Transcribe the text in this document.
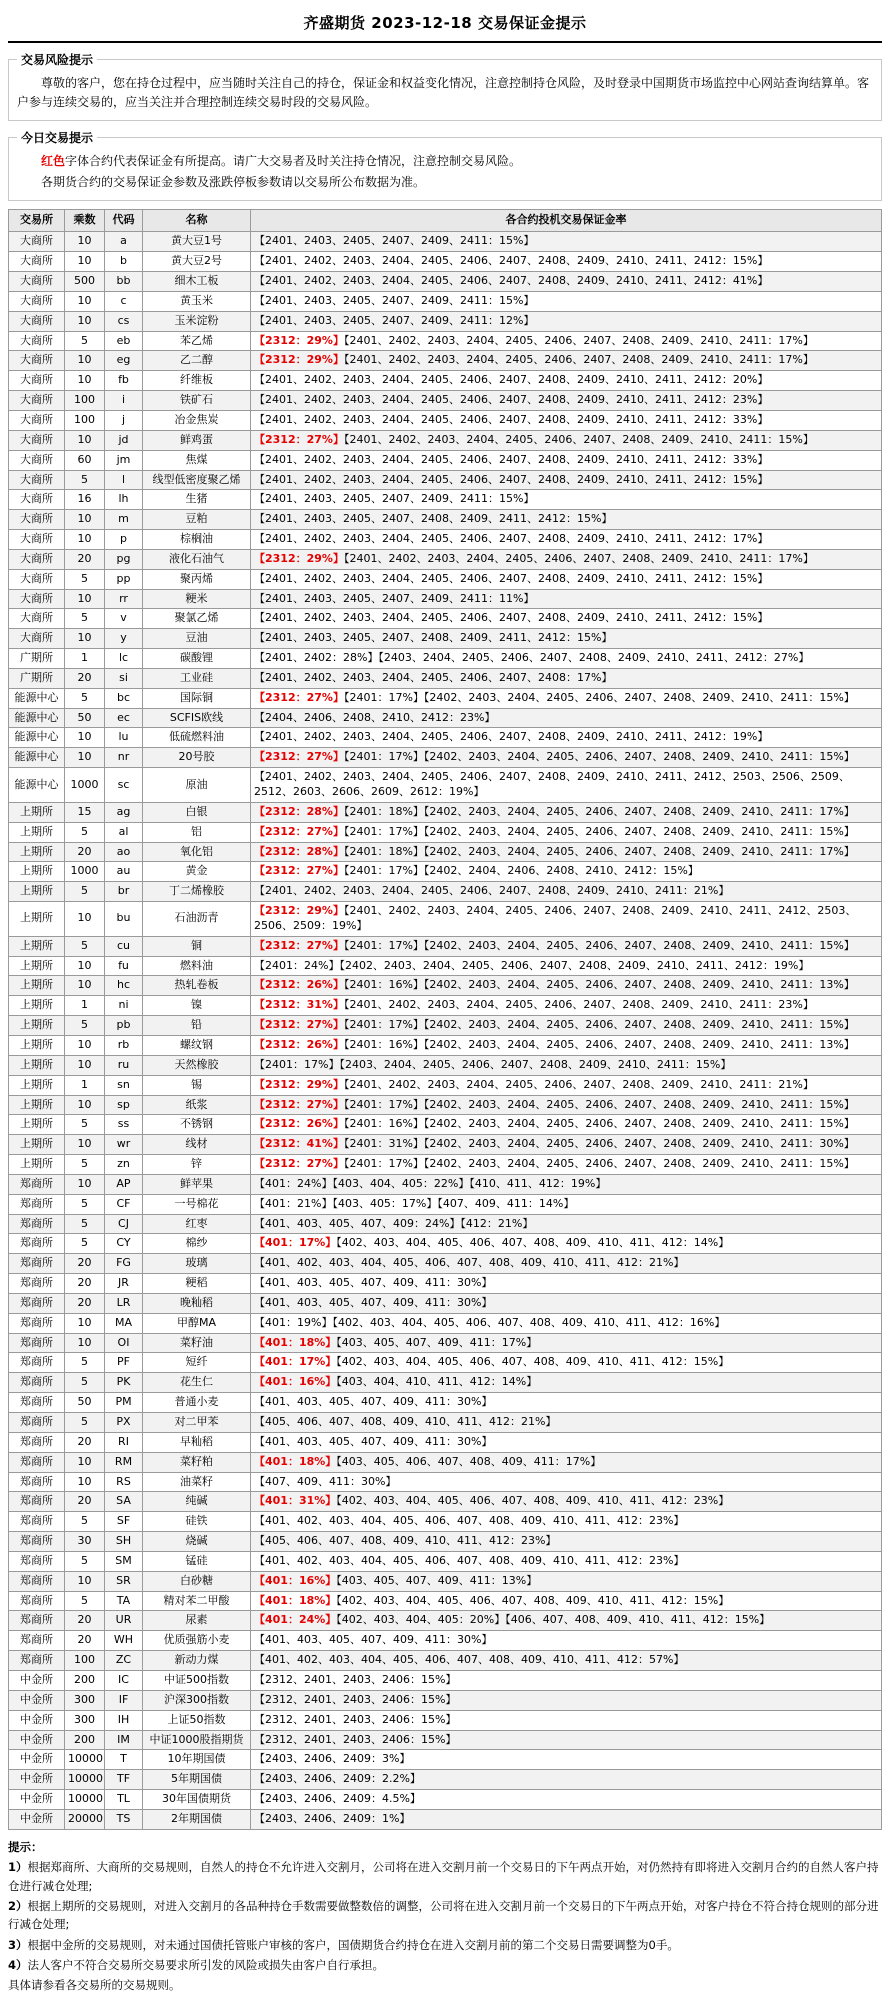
齐盛期货 2023-12-18 交易保证金提示
交易风险提示

尊敬的客户，您在持仓过程中，应当随时关注自己的持仓，保证金和权益变化情况，注意控制持仓风险，及时登录中国期货市场监控中心网站查询结算单。客户参与连续交易的，应当关注并合理控制连续交易时段的交易风险。

今日交易提示

红色字体合约代表保证金有所提高。请广大交易者及时关注持仓情况，注意控制交易风险。

各期货合约的交易保证金参数及涨跌停板参数请以交易所公布数据为准。

交易所	乘数	代码	名称	各合约投机交易保证金率
大商所	10	a	黄大豆1号	【2401、2403、2405、2407、2409、2411：15%】
大商所	10	b	黄大豆2号	【2401、2402、2403、2404、2405、2406、2407、2408、2409、2410、2411、2412：15%】
大商所	500	bb	细木工板	【2401、2402、2403、2404、2405、2406、2407、2408、2409、2410、2411、2412：41%】
大商所	10	c	黄玉米	【2401、2403、2405、2407、2409、2411：15%】
大商所	10	cs	玉米淀粉	【2401、2403、2405、2407、2409、2411：12%】
大商所	5	eb	苯乙烯	【2312：29%】【2401、2402、2403、2404、2405、2406、2407、2408、2409、2410、2411：17%】
大商所	10	eg	乙二醇	【2312：29%】【2401、2402、2403、2404、2405、2406、2407、2408、2409、2410、2411：17%】
大商所	10	fb	纤维板	【2401、2402、2403、2404、2405、2406、2407、2408、2409、2410、2411、2412：20%】
大商所	100	i	铁矿石	【2401、2402、2403、2404、2405、2406、2407、2408、2409、2410、2411、2412：23%】
大商所	100	j	冶金焦炭	【2401、2402、2403、2404、2405、2406、2407、2408、2409、2410、2411、2412：33%】
大商所	10	jd	鲜鸡蛋	【2312：27%】【2401、2402、2403、2404、2405、2406、2407、2408、2409、2410、2411：15%】
大商所	60	jm	焦煤	【2401、2402、2403、2404、2405、2406、2407、2408、2409、2410、2411、2412：33%】
大商所	5	l	线型低密度聚乙烯	【2401、2402、2403、2404、2405、2406、2407、2408、2409、2410、2411、2412：15%】
大商所	16	lh	生猪	【2401、2403、2405、2407、2409、2411：15%】
大商所	10	m	豆粕	【2401、2403、2405、2407、2408、2409、2411、2412：15%】
大商所	10	p	棕榈油	【2401、2402、2403、2404、2405、2406、2407、2408、2409、2410、2411、2412：17%】
大商所	20	pg	液化石油气	【2312：29%】【2401、2402、2403、2404、2405、2406、2407、2408、2409、2410、2411：17%】
大商所	5	pp	聚丙烯	【2401、2402、2403、2404、2405、2406、2407、2408、2409、2410、2411、2412：15%】
大商所	10	rr	粳米	【2401、2403、2405、2407、2409、2411：11%】
大商所	5	v	聚氯乙烯	【2401、2402、2403、2404、2405、2406、2407、2408、2409、2410、2411、2412：15%】
大商所	10	y	豆油	【2401、2403、2405、2407、2408、2409、2411、2412：15%】
广期所	1	lc	碳酸锂	【2401、2402：28%】【2403、2404、2405、2406、2407、2408、2409、2410、2411、2412：27%】
广期所	20	si	工业硅	【2401、2402、2403、2404、2405、2406、2407、2408：17%】
能源中心	5	bc	国际铜	【2312：27%】【2401：17%】【2402、2403、2404、2405、2406、2407、2408、2409、2410、2411：15%】
能源中心	50	ec	SCFIS欧线	【2404、2406、2408、2410、2412：23%】
能源中心	10	lu	低硫燃料油	【2401、2402、2403、2404、2405、2406、2407、2408、2409、2410、2411、2412：19%】
能源中心	10	nr	20号胶	【2312：27%】【2401：17%】【2402、2403、2404、2405、2406、2407、2408、2409、2410、2411：15%】
能源中心	1000	sc	原油	【2401、2402、2403、2404、2405、2406、2407、2408、2409、2410、2411、2412、2503、2506、2509、2512、2603、2606、2609、2612：19%】
上期所	15	ag	白银	【2312：28%】【2401：18%】【2402、2403、2404、2405、2406、2407、2408、2409、2410、2411：17%】
上期所	5	al	铝	【2312：27%】【2401：17%】【2402、2403、2404、2405、2406、2407、2408、2409、2410、2411：15%】
上期所	20	ao	氧化铝	【2312：28%】【2401：18%】【2402、2403、2404、2405、2406、2407、2408、2409、2410、2411：17%】
上期所	1000	au	黄金	【2312：27%】【2401：17%】【2402、2404、2406、2408、2410、2412：15%】
上期所	5	br	丁二烯橡胶	【2401、2402、2403、2404、2405、2406、2407、2408、2409、2410、2411：21%】
上期所	10	bu	石油沥青	【2312：29%】【2401、2402、2403、2404、2405、2406、2407、2408、2409、2410、2411、2412、2503、2506、2509：19%】
上期所	5	cu	铜	【2312：27%】【2401：17%】【2402、2403、2404、2405、2406、2407、2408、2409、2410、2411：15%】
上期所	10	fu	燃料油	【2401：24%】【2402、2403、2404、2405、2406、2407、2408、2409、2410、2411、2412：19%】
上期所	10	hc	热轧卷板	【2312：26%】【2401：16%】【2402、2403、2404、2405、2406、2407、2408、2409、2410、2411：13%】
上期所	1	ni	镍	【2312：31%】【2401、2402、2403、2404、2405、2406、2407、2408、2409、2410、2411：23%】
上期所	5	pb	铅	【2312：27%】【2401：17%】【2402、2403、2404、2405、2406、2407、2408、2409、2410、2411：15%】
上期所	10	rb	螺纹钢	【2312：26%】【2401：16%】【2402、2403、2404、2405、2406、2407、2408、2409、2410、2411：13%】
上期所	10	ru	天然橡胶	【2401：17%】【2403、2404、2405、2406、2407、2408、2409、2410、2411：15%】
上期所	1	sn	锡	【2312：29%】【2401、2402、2403、2404、2405、2406、2407、2408、2409、2410、2411：21%】
上期所	10	sp	纸浆	【2312：27%】【2401：17%】【2402、2403、2404、2405、2406、2407、2408、2409、2410、2411：15%】
上期所	5	ss	不锈钢	【2312：26%】【2401：16%】【2402、2403、2404、2405、2406、2407、2408、2409、2410、2411：15%】
上期所	10	wr	线材	【2312：41%】【2401：31%】【2402、2403、2404、2405、2406、2407、2408、2409、2410、2411：30%】
上期所	5	zn	锌	【2312：27%】【2401：17%】【2402、2403、2404、2405、2406、2407、2408、2409、2410、2411：15%】
郑商所	10	AP	鲜苹果	【401：24%】【403、404、405：22%】【410、411、412：19%】
郑商所	5	CF	一号棉花	【401：21%】【403、405：17%】【407、409、411：14%】
郑商所	5	CJ	红枣	【401、403、405、407、409：24%】【412：21%】
郑商所	5	CY	棉纱	【401：17%】【402、403、404、405、406、407、408、409、410、411、412：14%】
郑商所	20	FG	玻璃	【401、402、403、404、405、406、407、408、409、410、411、412：21%】
郑商所	20	JR	粳稻	【401、403、405、407、409、411：30%】
郑商所	20	LR	晚籼稻	【401、403、405、407、409、411：30%】
郑商所	10	MA	甲醇MA	【401：19%】【402、403、404、405、406、407、408、409、410、411、412：16%】
郑商所	10	OI	菜籽油	【401：18%】【403、405、407、409、411：17%】
郑商所	5	PF	短纤	【401：17%】【402、403、404、405、406、407、408、409、410、411、412：15%】
郑商所	5	PK	花生仁	【401：16%】【403、404、410、411、412：14%】
郑商所	50	PM	普通小麦	【401、403、405、407、409、411：30%】
郑商所	5	PX	对二甲苯	【405、406、407、408、409、410、411、412：21%】
郑商所	20	RI	早籼稻	【401、403、405、407、409、411：30%】
郑商所	10	RM	菜籽粕	【401：18%】【403、405、406、407、408、409、411：17%】
郑商所	10	RS	油菜籽	【407、409、411：30%】
郑商所	20	SA	纯碱	【401：31%】【402、403、404、405、406、407、408、409、410、411、412：23%】
郑商所	5	SF	硅铁	【401、402、403、404、405、406、407、408、409、410、411、412：23%】
郑商所	30	SH	烧碱	【405、406、407、408、409、410、411、412：23%】
郑商所	5	SM	锰硅	【401、402、403、404、405、406、407、408、409、410、411、412：23%】
郑商所	10	SR	白砂糖	【401：16%】【403、405、407、409、411：13%】
郑商所	5	TA	精对苯二甲酸	【401：18%】【402、403、404、405、406、407、408、409、410、411、412：15%】
郑商所	20	UR	尿素	【401：24%】【402、403、404、405：20%】【406、407、408、409、410、411、412：15%】
郑商所	20	WH	优质强筋小麦	【401、403、405、407、409、411：30%】
郑商所	100	ZC	新动力煤	【401、402、403、404、405、406、407、408、409、410、411、412：57%】
中金所	200	IC	中证500指数	【2312、2401、2403、2406：15%】
中金所	300	IF	沪深300指数	【2312、2401、2403、2406：15%】
中金所	300	IH	上证50指数	【2312、2401、2403、2406：15%】
中金所	200	IM	中证1000股指期货	【2312、2401、2403、2406：15%】
中金所	10000	T	10年期国债	【2403、2406、2409：3%】
中金所	10000	TF	5年期国债	【2403、2406、2409：2.2%】
中金所	10000	TL	30年国债期货	【2403、2406、2409：4.5%】
中金所	20000	TS	2年期国债	【2403、2406、2409：1%】
提示：

1）根据郑商所、大商所的交易规则，自然人的持仓不允许进入交割月，公司将在进入交割月前一个交易日的下午两点开始，对仍然持有即将进入交割月合约的自然人客户持仓进行减仓处理;

2）根据上期所的交易规则，对进入交割月的各品种持仓手数需要做整数倍的调整，公司将在进入交割月前一个交易日的下午两点开始，对客户持仓不符合持仓规则的部分进行减仓处理;

3）根据中金所的交易规则，对未通过国债托管账户审核的客户，国债期货合约持仓在进入交割月前的第二个交易日需要调整为0手。

4）法人客户不符合交易所交易要求所引发的风险或损失由客户自行承担。

具体请参看各交易所的交易规则。
